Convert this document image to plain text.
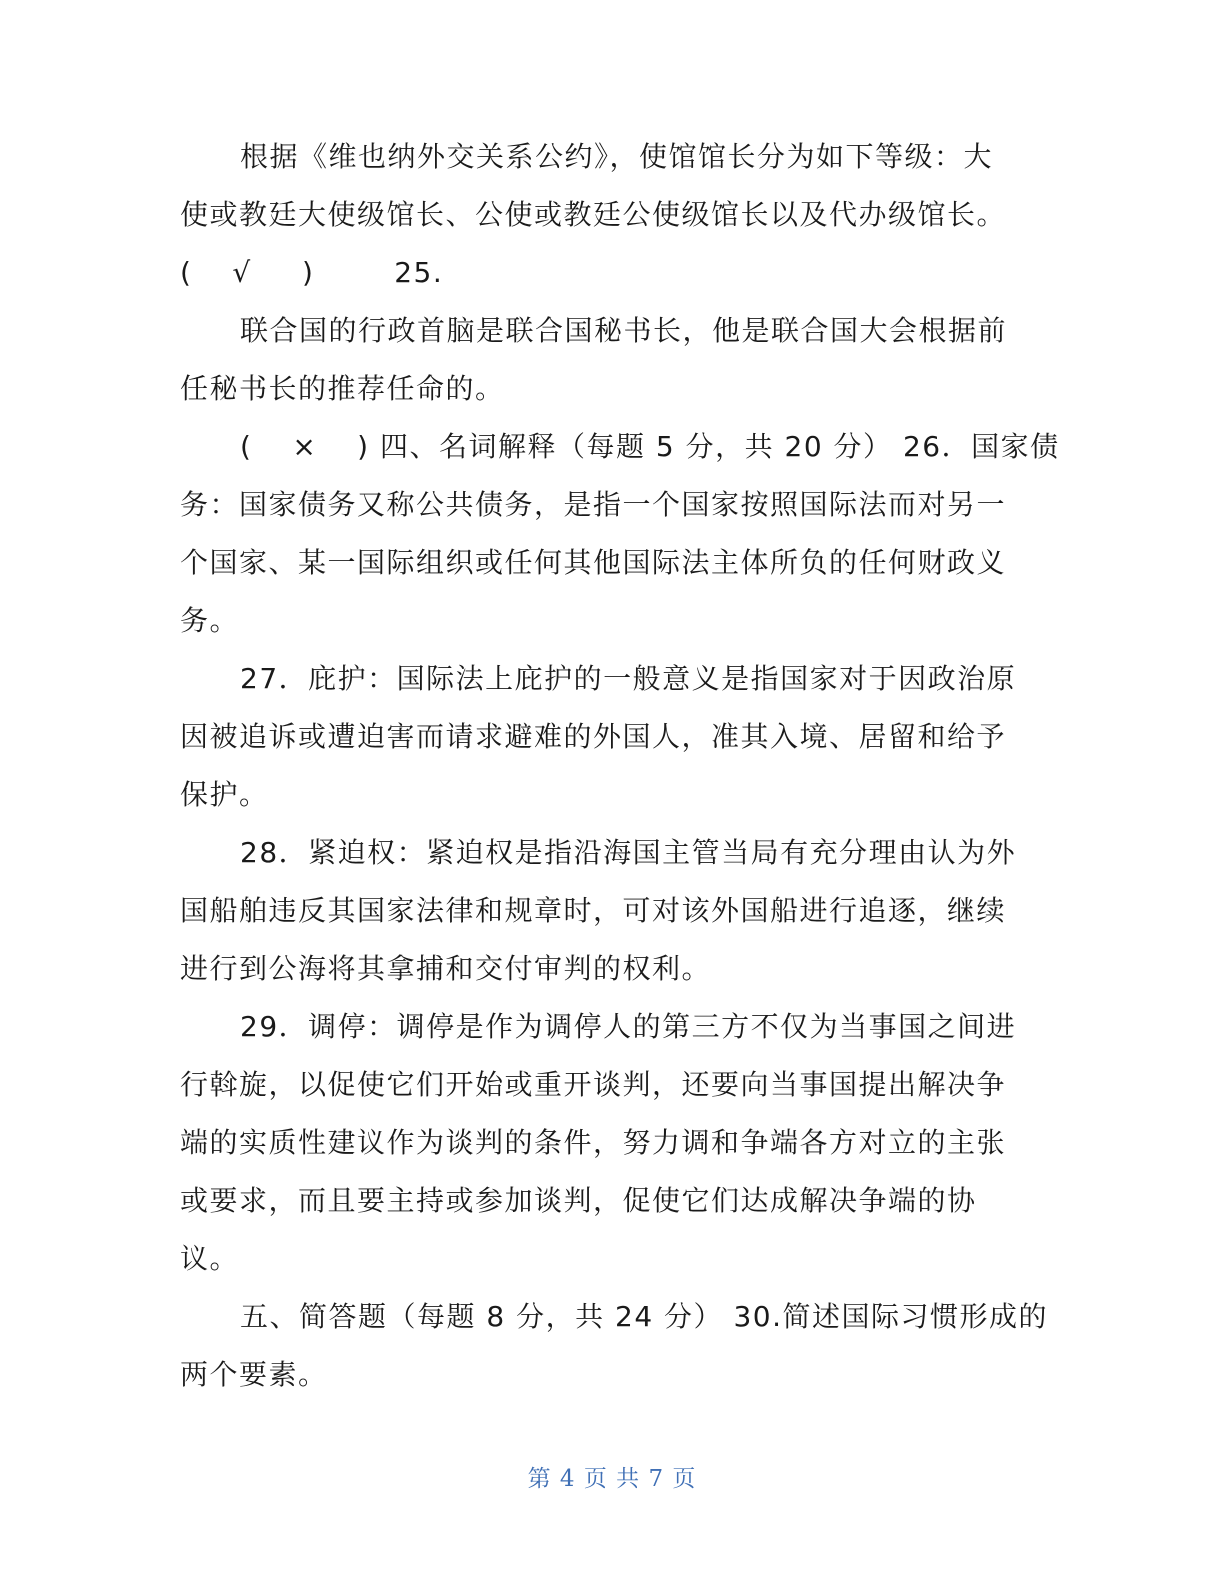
根据《维也纳外交关系公约》，使馆馆长分为如下等级：大
使或教廷大使级馆长、公使或教廷公使级馆长以及代办级馆长。
(　 √ 　 )　 　 25.
联合国的行政首脑是联合国秘书长，他是联合国大会根据前
任秘书长的推荐任命的。
(　 ×　 ) 四、名词解释（每题 5 分，共 20 分） 26．国家债
务：国家债务又称公共债务，是指一个国家按照国际法而对另一
个国家、某一国际组织或任何其他国际法主体所负的任何财政义
务。
27．庇护：国际法上庇护的一般意义是指国家对于因政治原
因被追诉或遭迫害而请求避难的外国人，准其入境、居留和给予
保护。
28．紧迫权：紧迫权是指沿海国主管当局有充分理由认为外
国船舶违反其国家法律和规章时，可对该外国船进行追逐，继续
进行到公海将其拿捕和交付审判的权利。
29．调停：调停是作为调停人的第三方不仅为当事国之间进
行斡旋，以促使它们开始或重开谈判，还要向当事国提出解决争
端的实质性建议作为谈判的条件，努力调和争端各方对立的主张
或要求，而且要主持或参加谈判，促使它们达成解决争端的协
议。
五、简答题（每题 8 分，共 24 分） 30.简述国际习惯形成的
两个要素。
第 4 页 共 7 页
